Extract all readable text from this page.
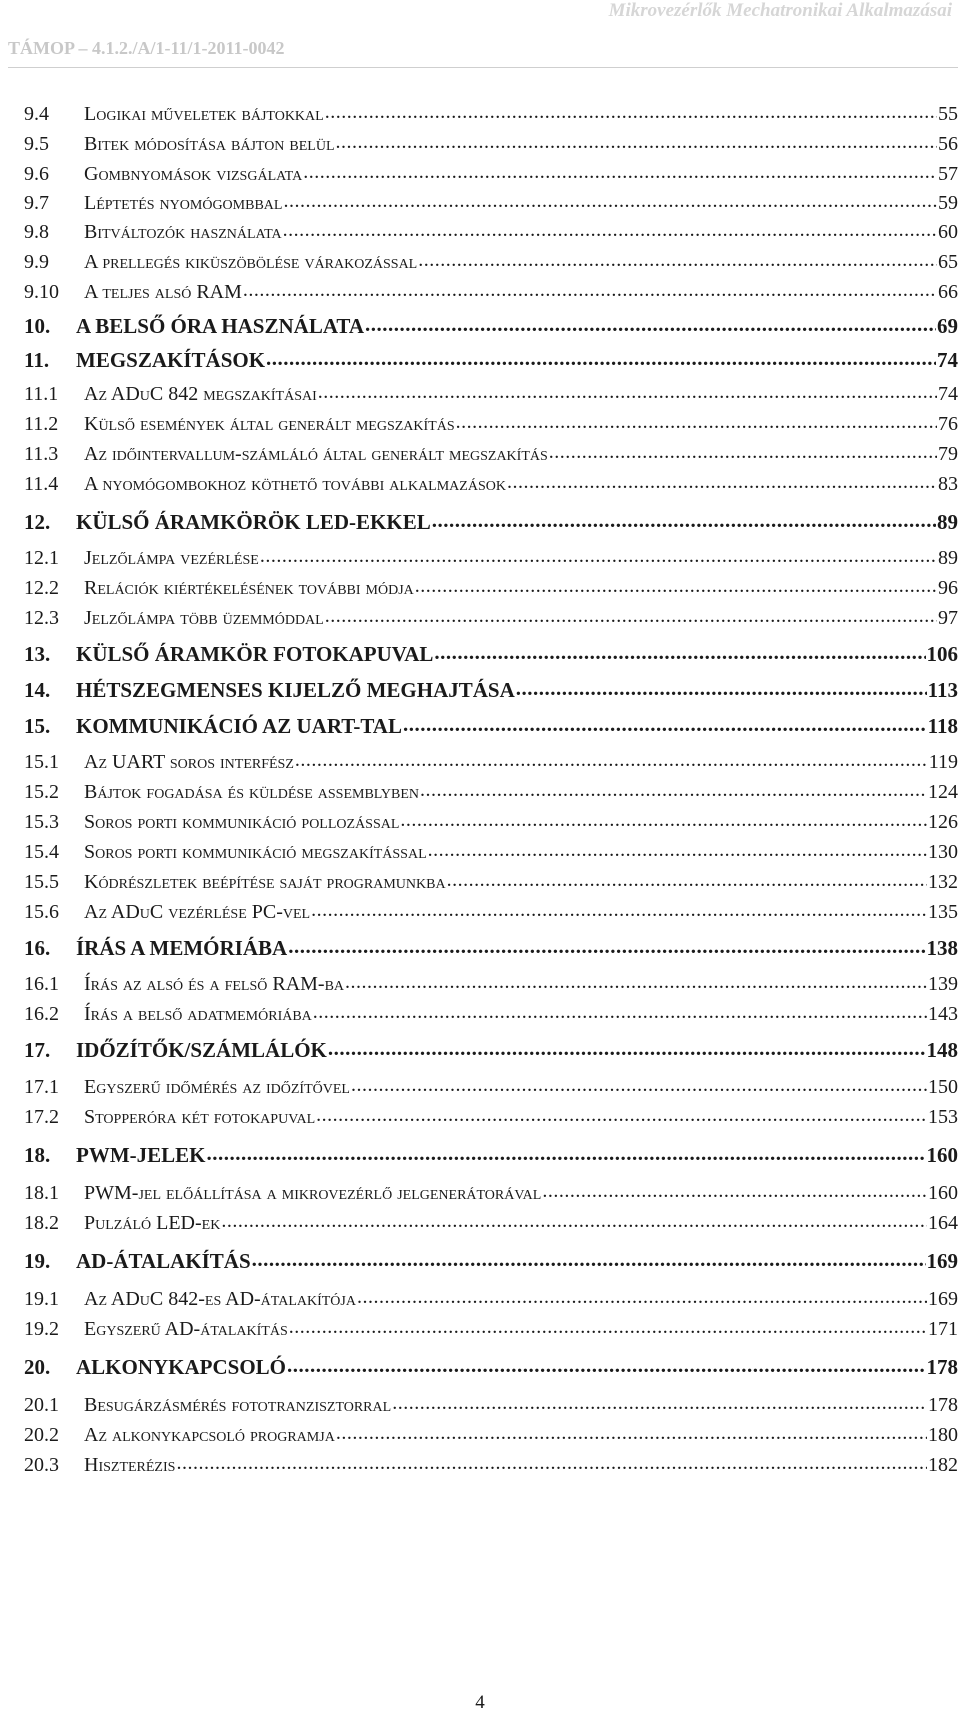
Mikrovezérlők Mechatronikai Alkalmazásai
TÁMOP – 4.1.2./A/1-11/1-2011-0042
9.4	Logikai műveletek bájtokkal .....	55
9.5	Bitek módosítása bájton belül .....	56
9.6	Gombnyomások vizsgálata .....	57
9.7	Léptetés nyomógombbal .....	59
9.8	Bitváltozók használata .....	60
9.9	A prellegés kiküszöbölése várakozással .....	65
9.10	A teljes alsó RAM .....	66
10.	A BELSŐ ÓRA HASZNÁLATA .....	69
11.	MEGSZAKÍTÁSOK .....	74
11.1	Az ADuC 842 megszakításai .....	74
11.2	Külső események által generált megszakítás .....	76
11.3	Az időintervallum-számláló által generált megszakítás .....	79
11.4	A nyomógombokhoz köthető további alkalmazások .....	83
12.	KÜLSŐ ÁRAMKÖRÖK LED-EKKEL .....	89
12.1	Jelzőlámpa vezérlése .....	89
12.2	Relációk kiértékelésének további módja .....	96
12.3	Jelzőlámpa több üzemmóddal .....	97
13.	KÜLSŐ ÁRAMKÖR FOTOKAPUVAL .....	106
14.	HÉTSZEGMENSES KIJELZŐ MEGHAJTÁSA .....	113
15.	KOMMUNIKÁCIÓ AZ UART-TAL .....	118
15.1	Az UART soros interfész .....	119
15.2	Bájtok fogadása és küldése assemblyben .....	124
15.3	Soros porti kommunikáció pollozással .....	126
15.4	Soros porti kommunikáció megszakítással .....	130
15.5	Kódrészletek beépítése saját programunkba .....	132
15.6	Az ADuC vezérlése PC-vel .....	135
16.	ÍRÁS A MEMÓRIÁBA .....	138
16.1	Írás az alsó és a felső RAM-ba .....	139
16.2	Írás a belső adatmemóriába .....	143
17.	IDŐZÍTŐK/SZÁMLÁLÓK .....	148
17.1	Egyszerű időmérés az időzítővel .....	150
17.2	Stopperóra két fotokapuval .....	153
18.	PWM-JELEK .....	160
18.1	PWM-jel előállítása a mikrovezérlő jelgenerátorával .....	160
18.2	Pulzáló LED-ek .....	164
19.	AD-ÁTALAKÍTÁS .....	169
19.1	Az ADuC 842-es AD-átalakítója .....	169
19.2	Egyszerű AD-átalakítás .....	171
20.	ALKONYKAPCSOLÓ .....	178
20.1	Besugárzásmérés fototranzisztorral .....	178
20.2	Az alkonykapcsoló programja .....	180
20.3	Hiszterézis .....	182
4
